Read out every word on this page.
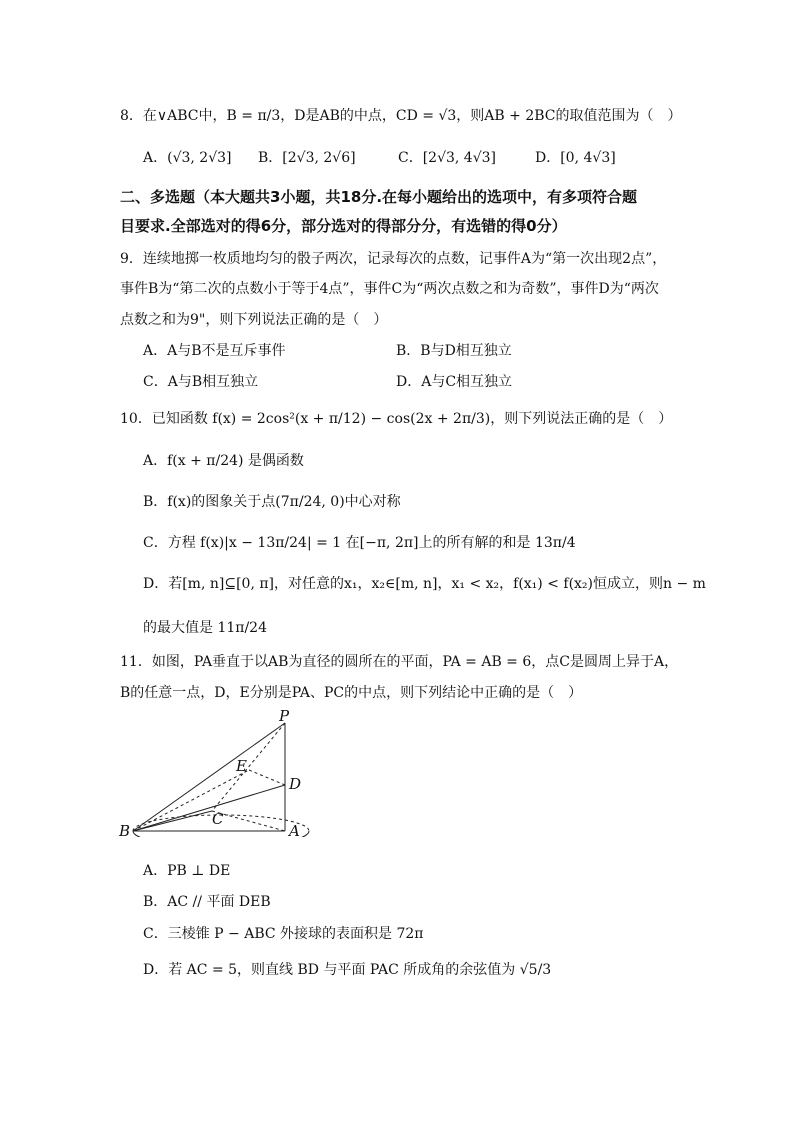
8．在∨ABC中，B = π/3，D是AB的中点，CD = √3，则AB + 2BC的取值范围为（　）
A．(√3, 2√3] B．[2√3, 2√6]	C．[2√3, 4√3]	D．[0, 4√3]
二、多选题（本大题共3小题，共18分.在每小题给出的选项中，有多项符合题
目要求.全部选对的得6分，部分选对的得部分分，有选错的得0分）
9．连续地掷一枚质地均匀的骰子两次，记录每次的点数，记事件A为“第一次出现2点”，
事件B为“第二次的点数小于等于4点”，事件C为“两次点数之和为奇数”，事件D为“两次
点数之和为9"，则下列说法正确的是（　）
A．A与B不是互斥事件	B．B与D相互独立
C．A与B相互独立	D．A与C相互独立
10．已知函数 f(x) = 2cos²(x + π/12) − cos(2x + 2π/3)，则下列说法正确的是（　）
A．f(x + π/24) 是偶函数
B．f(x)的图象关于点(7π/24, 0)中心对称
C．方程 f(x)|x − 13π/24| = 1 在[−π, 2π]上的所有解的和是 13π/4
D．若[m, n]⊆[0, π]，对任意的x₁，x₂∈[m, n]，x₁ < x₂，f(x₁) < f(x₂)恒成立，则n − m
的最大值是 11π/24
11．如图，PA垂直于以AB为直径的圆所在的平面，PA = AB = 6，点C是圆周上异于A，
B的任意一点，D，E分别是PA、PC的中点，则下列结论中正确的是（　）
P
E
D
C
B	A
A．PB ⊥ DE
B．AC // 平面 DEB
C．三棱锥 P − ABC 外接球的表面积是 72π
D．若 AC = 5，则直线 BD 与平面 PAC 所成角的余弦值为 √5/3
